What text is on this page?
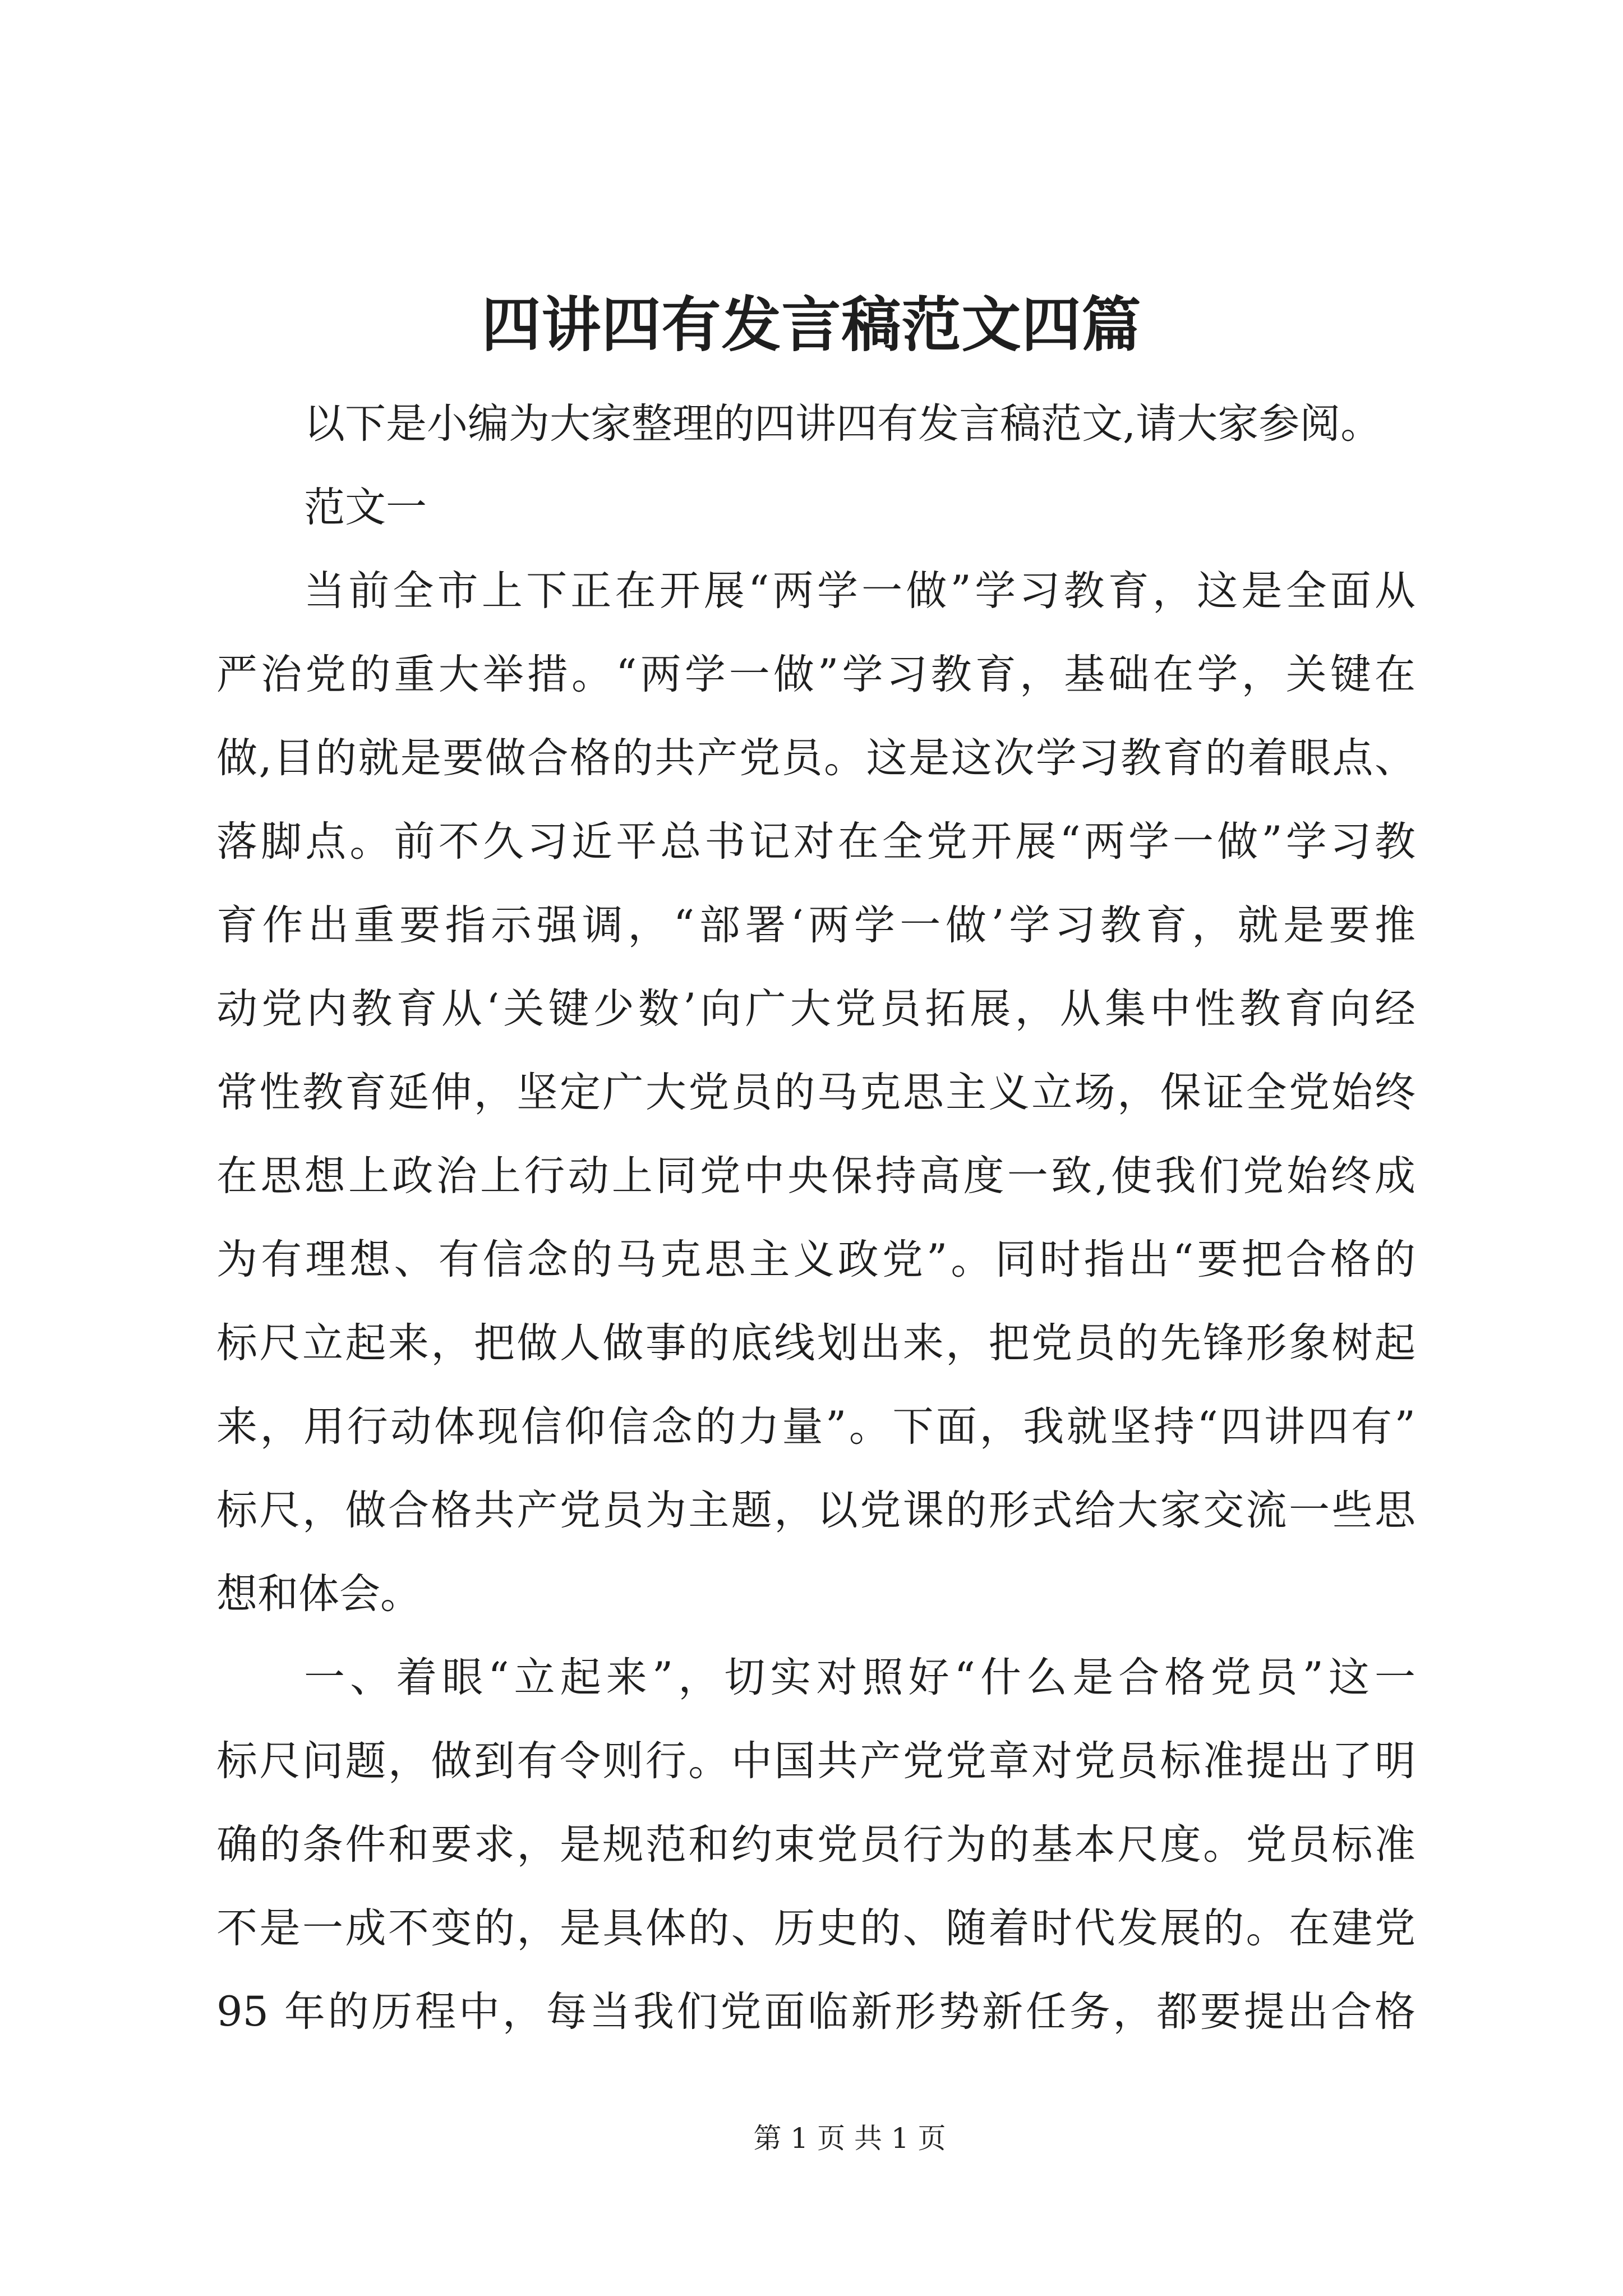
四讲四有发言稿范文四篇

以下是小编为大家整理的四讲四有发言稿范文,请大家参阅。

范文一

当前全市上下正在开展“两学一做”学习教育，这是全面从
严治党的重大举措。“两学一做”学习教育，基础在学，关键在
做,目的就是要做合格的共产党员。这是这次学习教育的着眼点、
落脚点。前不久习近平总书记对在全党开展“两学一做”学习教
育作出重要指示强调，“部署‘两学一做’学习教育，就是要推
动党内教育从‘关键少数’向广大党员拓展，从集中性教育向经
常性教育延伸，坚定广大党员的马克思主义立场，保证全党始终
在思想上政治上行动上同党中央保持高度一致,使我们党始终成
为有理想、有信念的马克思主义政党”。同时指出“要把合格的
标尺立起来，把做人做事的底线划出来，把党员的先锋形象树起
来，用行动体现信仰信念的力量”。下面，我就坚持“四讲四有”
标尺，做合格共产党员为主题，以党课的形式给大家交流一些思
想和体会。

一、着眼“立起来”，切实对照好“什么是合格党员”这一
标尺问题，做到有令则行。中国共产党党章对党员标准提出了明
确的条件和要求，是规范和约束党员行为的基本尺度。党员标准
不是一成不变的，是具体的、历史的、随着时代发展的。在建党
95 年的历程中，每当我们党面临新形势新任务，都要提出合格

第 1 页 共 1 页
